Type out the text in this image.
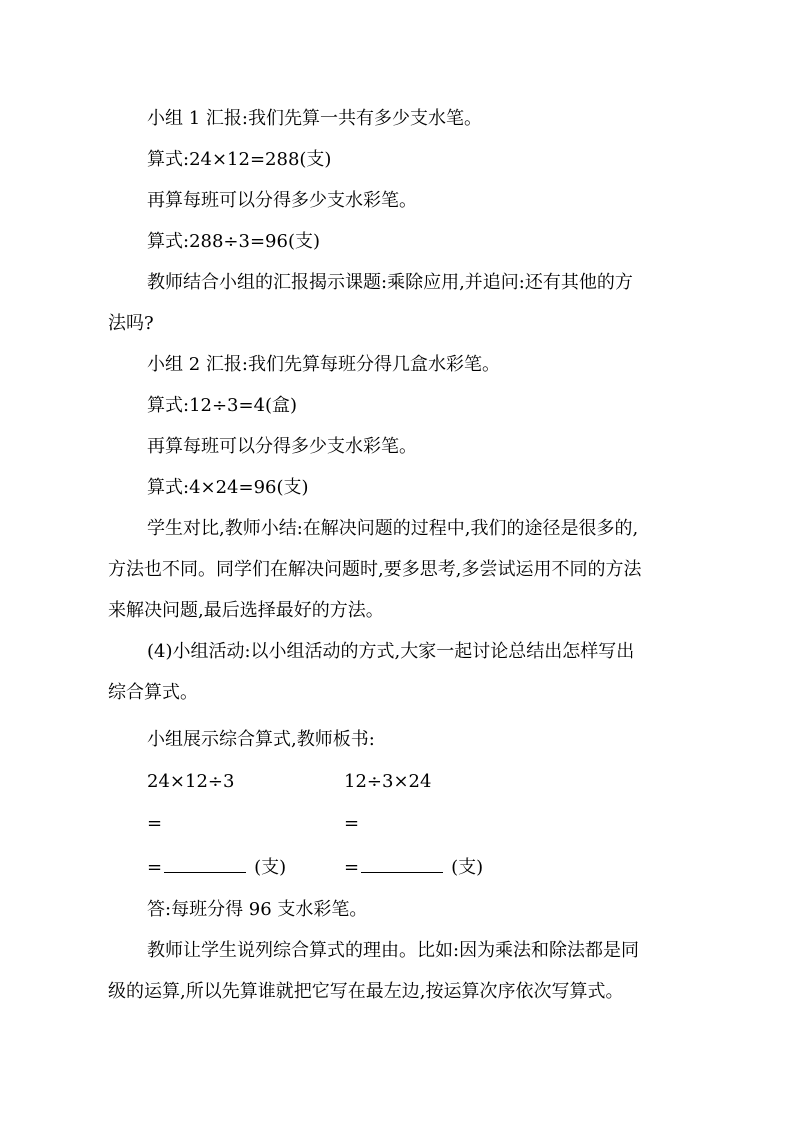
小组 1 汇报:我们先算一共有多少支水笔。
算式:24×12=288(支)
再算每班可以分得多少支水彩笔。
算式:288÷3=96(支)
教师结合小组的汇报揭示课题:乘除应用,并追问:还有其他的方
法吗?
小组 2 汇报:我们先算每班分得几盒水彩笔。
算式:12÷3=4(盒)
再算每班可以分得多少支水彩笔。
算式:4×24=96(支)
学生对比,教师小结:在解决问题的过程中,我们的途径是很多的,
方法也不同。同学们在解决问题时,要多思考,多尝试运用不同的方法
来解决问题,最后选择最好的方法。
(4)小组活动:以小组活动的方式,大家一起讨论总结出怎样写出
综合算式。
小组展示综合算式,教师板书:
24×12÷3	12÷3×24
=	=
=	(支)	=	(支)
答:每班分得 96 支水彩笔。
教师让学生说列综合算式的理由。比如:因为乘法和除法都是同
级的运算,所以先算谁就把它写在最左边,按运算次序依次写算式。
